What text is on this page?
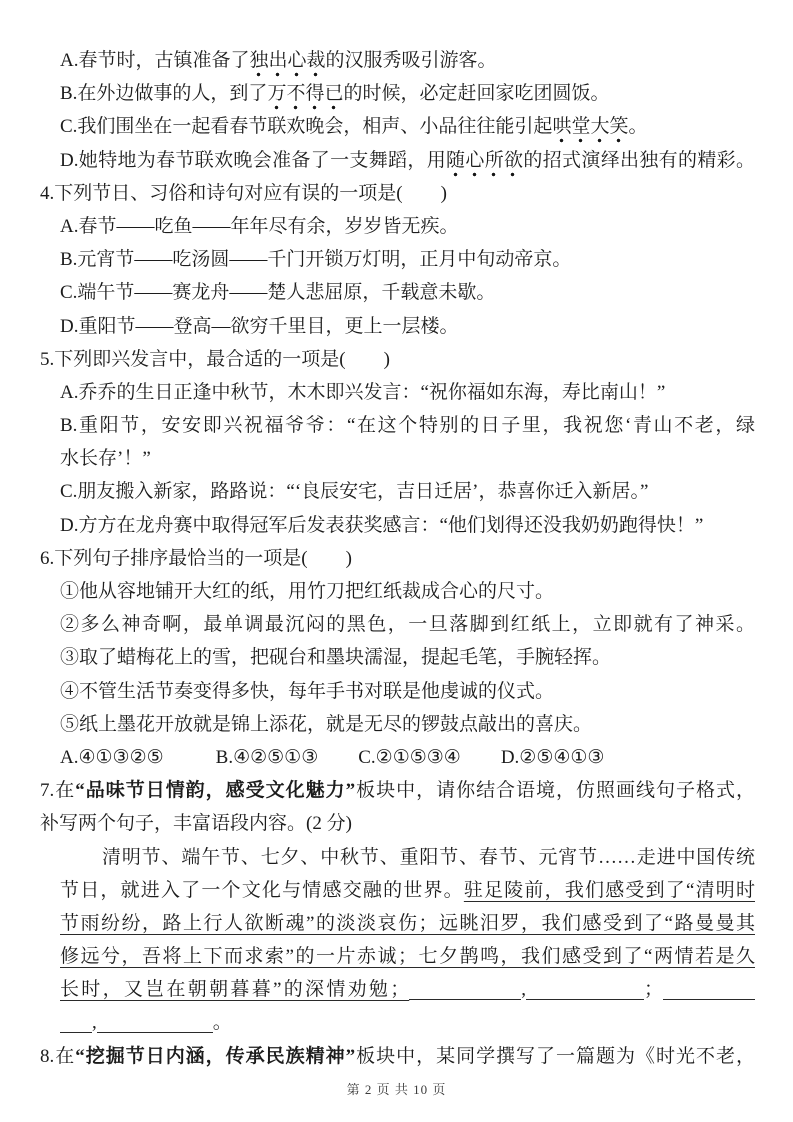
A.春节时，古镇准备了独出心裁的汉服秀吸引游客。
B.在外边做事的人，到了万不得已的时候，必定赶回家吃团圆饭。
C.我们围坐在一起看春节联欢晚会，相声、小品往往能引起哄堂大笑。
D.她特地为春节联欢晚会准备了一支舞蹈，用随心所欲的招式演绎出独有的精彩。
4.下列节日、习俗和诗句对应有误的一项是(　　)
A.春节——吃鱼——年年尽有余，岁岁皆无疾。
B.元宵节——吃汤圆——千门开锁万灯明，正月中旬动帝京。
C.端午节——赛龙舟——楚人悲屈原，千载意未歇。
D.重阳节——登高—欲穷千里目，更上一层楼。
5.下列即兴发言中，最合适的一项是(　　)
A.乔乔的生日正逢中秋节，木木即兴发言：“祝你福如东海，寿比南山！”
B.重阳节，安安即兴祝福爷爷：“在这个特别的日子里，我祝您‘青山不老，绿
水长存’！”
C.朋友搬入新家，路路说：“‘良辰安宅，吉日迁居’，恭喜你迁入新居。”
D.方方在龙舟赛中取得冠军后发表获奖感言：“他们划得还没我奶奶跑得快！”
6.下列句子排序最恰当的一项是(　　)
①他从容地铺开大红的纸，用竹刀把红纸裁成合心的尺寸。
②多么神奇啊，最单调最沉闷的黑色，一旦落脚到红纸上，立即就有了神采。
③取了蜡梅花上的雪，把砚台和墨块濡湿，提起毛笔，手腕轻挥。
④不管生活节奏变得多快，每年手书对联是他虔诚的仪式。
⑤纸上墨花开放就是锦上添花，就是无尽的锣鼓点敲出的喜庆。
A.④①③②⑤	B.④②⑤①③ C.②①⑤③④ D.②⑤④①③
7.在“品味节日情韵，感受文化魅力”板块中，请你结合语境，仿照画线句子格式，
补写两个句子，丰富语段内容。(2 分)
清明节、端午节、七夕、中秋节、重阳节、春节、元宵节……走进中国传统
节日，就进入了一个文化与情感交融的世界。驻足陵前，我们感受到了“清明时
节雨纷纷，路上行人欲断魂”的淡淡哀伤；远眺汨罗，我们感受到了“路曼曼其
修远兮，吾将上下而求索”的一片赤诚；七夕鹊鸣，我们感受到了“两情若是久
长时，又岂在朝朝暮暮”的深情劝勉；	,	；
,	。
8.在“挖掘节日内涵，传承民族精神”板块中，某同学撰写了一篇题为《时光不老，
第 2 页 共 10 页
